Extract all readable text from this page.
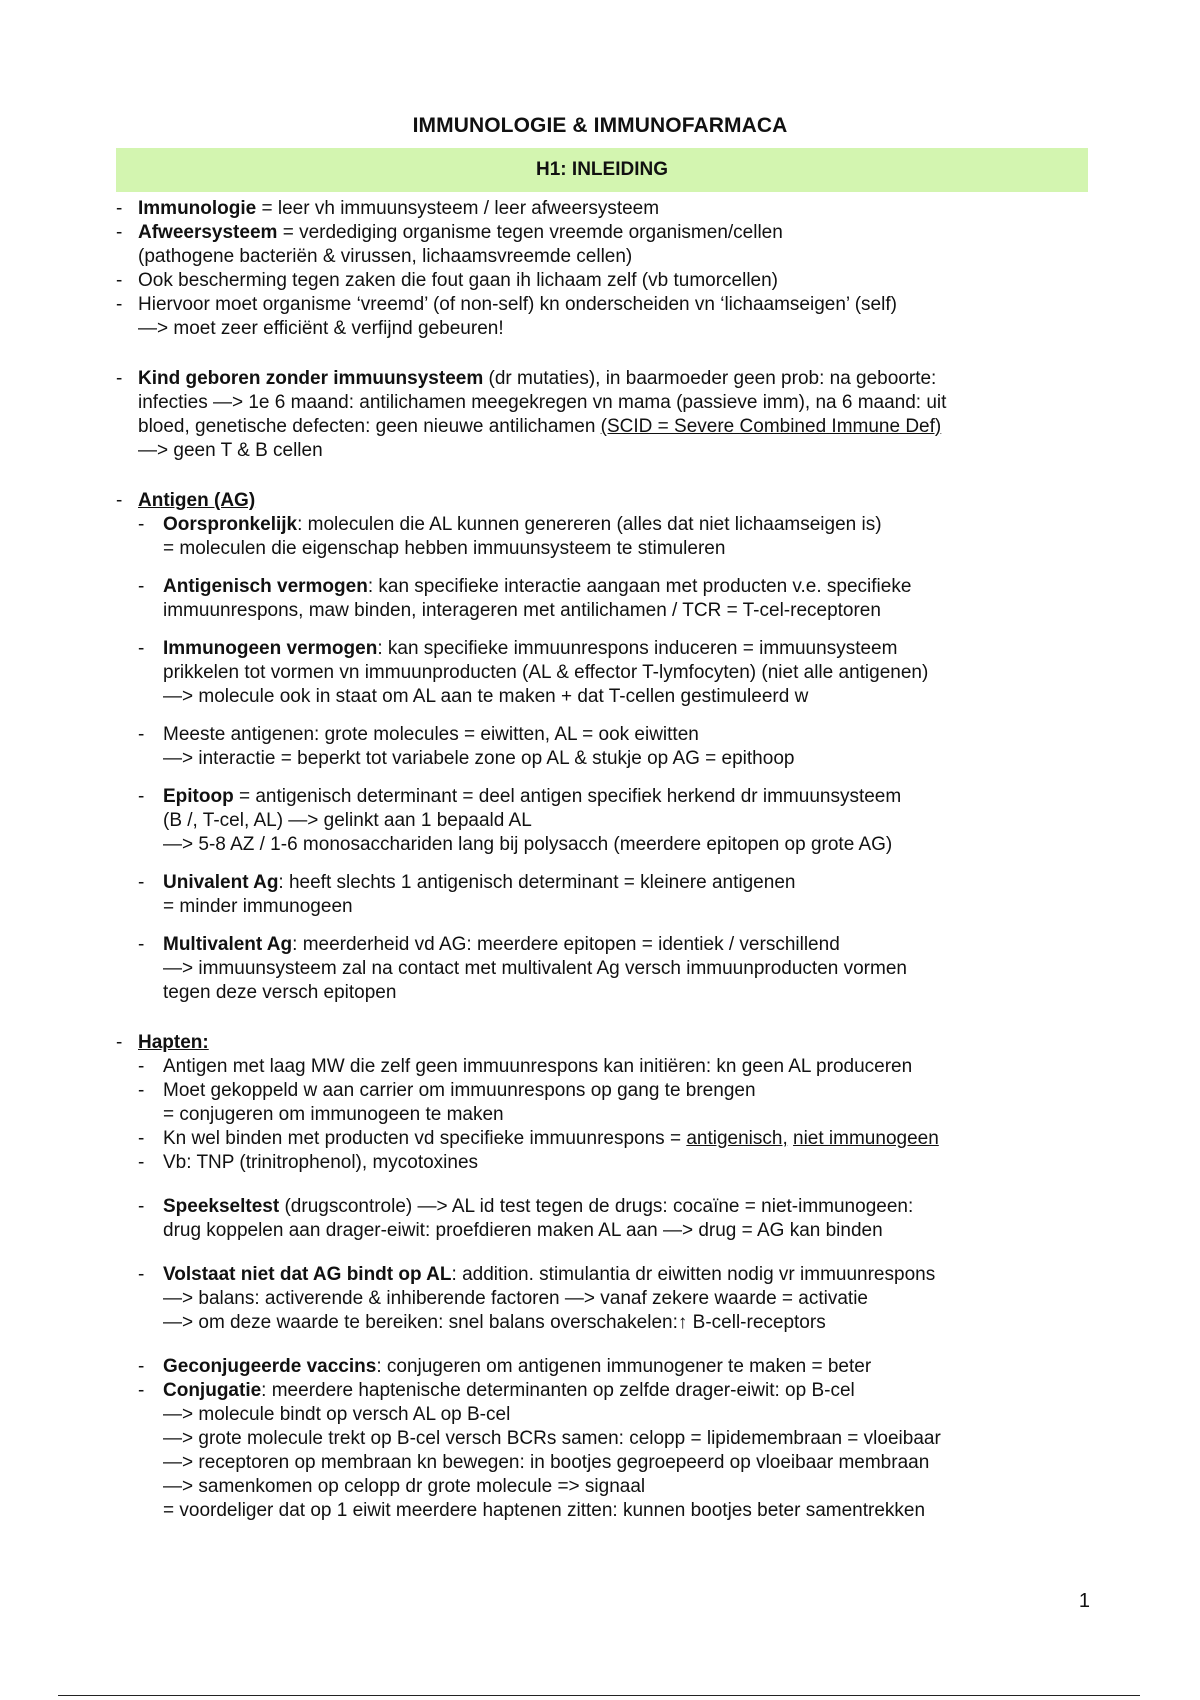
IMMUNOLOGIE & IMMUNOFARMACA
H1: INLEIDING
- Immunologie = leer vh immuunsysteem / leer afweersysteem
- Afweersysteem = verdediging organisme tegen vreemde organismen/cellen
(pathogene bacteriën & virussen, lichaamsvreemde cellen)
- Ook bescherming tegen zaken die fout gaan ih lichaam zelf (vb tumorcellen)
- Hiervoor moet organisme ‘vreemd’ (of non-self) kn onderscheiden vn ‘lichaamseigen’ (self)
—> moet zeer efficiënt & verfijnd gebeuren!
- Kind geboren zonder immuunsysteem (dr mutaties), in baarmoeder geen prob: na geboorte:
infecties —> 1e 6 maand: antilichamen meegekregen vn mama (passieve imm), na 6 maand: uit
bloed, genetische defecten: geen nieuwe antilichamen (SCID = Severe Combined Immune Def)
—> geen T & B cellen
- Antigen (AG)
- Oorspronkelijk: moleculen die AL kunnen genereren (alles dat niet lichaamseigen is)
= moleculen die eigenschap hebben immuunsysteem te stimuleren
- Antigenisch vermogen: kan specifieke interactie aangaan met producten v.e. specifieke
immuunrespons, maw binden, interageren met antilichamen / TCR = T-cel-receptoren
- Immunogeen vermogen: kan specifieke immuunrespons induceren = immuunsysteem
prikkelen tot vormen vn immuunproducten (AL & effector T-lymfocyten) (niet alle antigenen)
—> molecule ook in staat om AL aan te maken + dat T-cellen gestimuleerd w
- Meeste antigenen: grote molecules = eiwitten, AL = ook eiwitten
—> interactie = beperkt tot variabele zone op AL & stukje op AG = epithoop
- Epitoop = antigenisch determinant = deel antigen specifiek herkend dr immuunsysteem
(B /, T-cel, AL) —> gelinkt aan 1 bepaald AL
—> 5-8 AZ / 1-6 monosacchariden lang bij polysacch (meerdere epitopen op grote AG)
- Univalent Ag: heeft slechts 1 antigenisch determinant = kleinere antigenen
= minder immunogeen
- Multivalent Ag: meerderheid vd AG: meerdere epitopen = identiek / verschillend
—> immuunsysteem zal na contact met multivalent Ag versch immuunproducten vormen
tegen deze versch epitopen
- Hapten:
- Antigen met laag MW die zelf geen immuunrespons kan initiëren: kn geen AL produceren
- Moet gekoppeld w aan carrier om immuunrespons op gang te brengen
= conjugeren om immunogeen te maken
- Kn wel binden met producten vd specifieke immuunrespons = antigenisch, niet immunogeen
- Vb: TNP (trinitrophenol), mycotoxines
- Speekseltest (drugscontrole) —> AL id test tegen de drugs: cocaïne = niet-immunogeen:
drug koppelen aan drager-eiwit: proefdieren maken AL aan —> drug = AG kan binden
- Volstaat niet dat AG bindt op AL: addition. stimulantia dr eiwitten nodig vr immuunrespons
—> balans: activerende & inhiberende factoren —> vanaf zekere waarde = activatie
—> om deze waarde te bereiken: snel balans overschakelen:↑ B-cell-receptors
- Geconjugeerde vaccins: conjugeren om antigenen immunogener te maken = beter
- Conjugatie: meerdere haptenische determinanten op zelfde drager-eiwit: op B-cel
—> molecule bindt op versch AL op B-cel
—> grote molecule trekt op B-cel versch BCRs samen: celopp = lipidemembraan = vloeibaar
—> receptoren op membraan kn bewegen: in bootjes gegroepeerd op vloeibaar membraan
—> samenkomen op celopp dr grote molecule => signaal
= voordeliger dat op 1 eiwit meerdere haptenen zitten: kunnen bootjes beter samentrekken
1
